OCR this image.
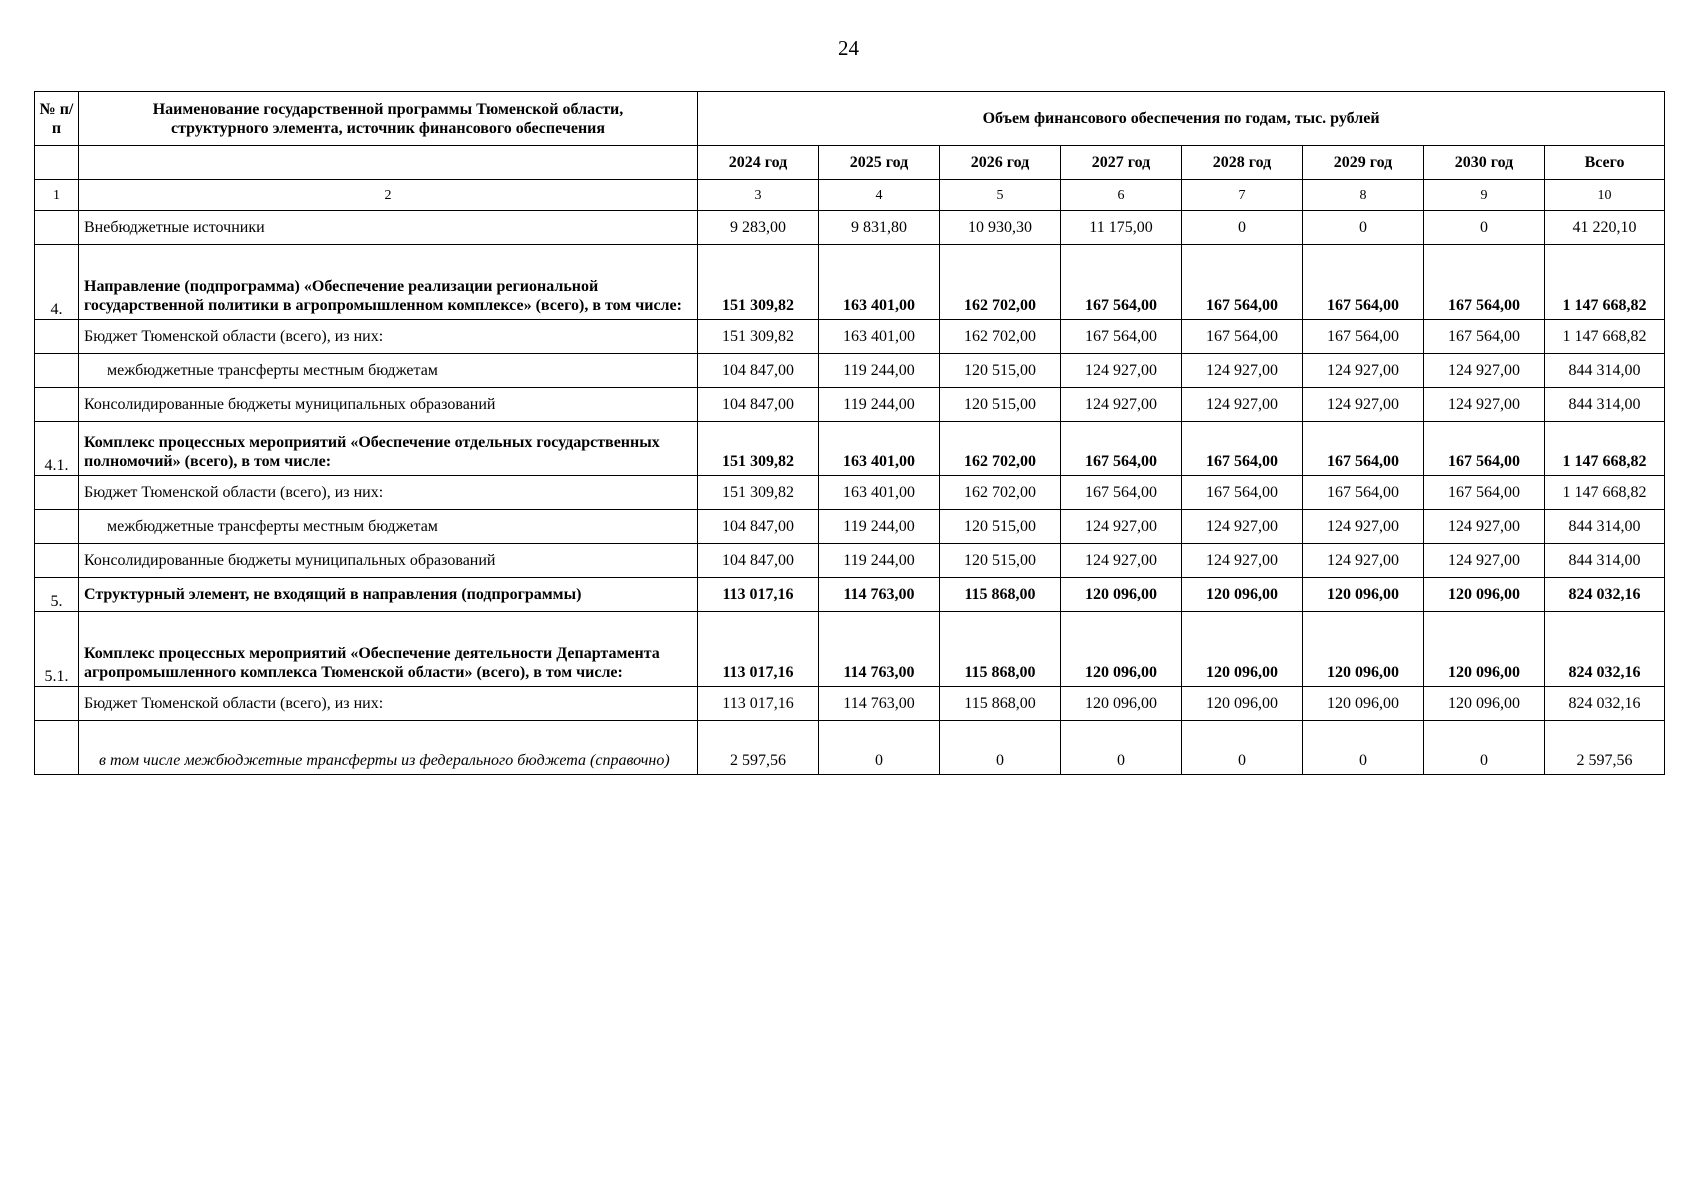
24
№ п/п	Наименование государственной программы Тюменской области, структурного элемента, источник финансового обеспечения	Объем финансового обеспечения по годам, тыс. рублей							
		2024 год	2025 год	2026 год	2027 год	2028 год	2029 год	2030 год	Всего
1	2	3	4	5	6	7	8	9	10
	Внебюджетные источники	9 283,00	9 831,80	10 930,30	11 175,00	0	0	0	41 220,10
4.	Направление (подпрограмма) «Обеспечение реализации региональной государственной политики в агропромышленном комплексе» (всего), в том числе:	151 309,82	163 401,00	162 702,00	167 564,00	167 564,00	167 564,00	167 564,00	1 147 668,82
	Бюджет Тюменской области (всего), из них:	151 309,82	163 401,00	162 702,00	167 564,00	167 564,00	167 564,00	167 564,00	1 147 668,82
	межбюджетные трансферты местным бюджетам	104 847,00	119 244,00	120 515,00	124 927,00	124 927,00	124 927,00	124 927,00	844 314,00
	Консолидированные бюджеты муниципальных образований	104 847,00	119 244,00	120 515,00	124 927,00	124 927,00	124 927,00	124 927,00	844 314,00
4.1.	Комплекс процессных мероприятий «Обеспечение отдельных государственных полномочий» (всего), в том числе:	151 309,82	163 401,00	162 702,00	167 564,00	167 564,00	167 564,00	167 564,00	1 147 668,82
	Бюджет Тюменской области (всего), из них:	151 309,82	163 401,00	162 702,00	167 564,00	167 564,00	167 564,00	167 564,00	1 147 668,82
	межбюджетные трансферты местным бюджетам	104 847,00	119 244,00	120 515,00	124 927,00	124 927,00	124 927,00	124 927,00	844 314,00
	Консолидированные бюджеты муниципальных образований	104 847,00	119 244,00	120 515,00	124 927,00	124 927,00	124 927,00	124 927,00	844 314,00
5.	Структурный элемент, не входящий в направления (подпрограммы)	113 017,16	114 763,00	115 868,00	120 096,00	120 096,00	120 096,00	120 096,00	824 032,16
5.1.	Комплекс процессных мероприятий «Обеспечение деятельности Департамента агропромышленного комплекса Тюменской области» (всего), в том числе:	113 017,16	114 763,00	115 868,00	120 096,00	120 096,00	120 096,00	120 096,00	824 032,16
	Бюджет Тюменской области (всего), из них:	113 017,16	114 763,00	115 868,00	120 096,00	120 096,00	120 096,00	120 096,00	824 032,16
	в том числе межбюджетные трансферты из федерального бюджета (справочно)	2 597,56	0	0	0	0	0	0	2 597,56
